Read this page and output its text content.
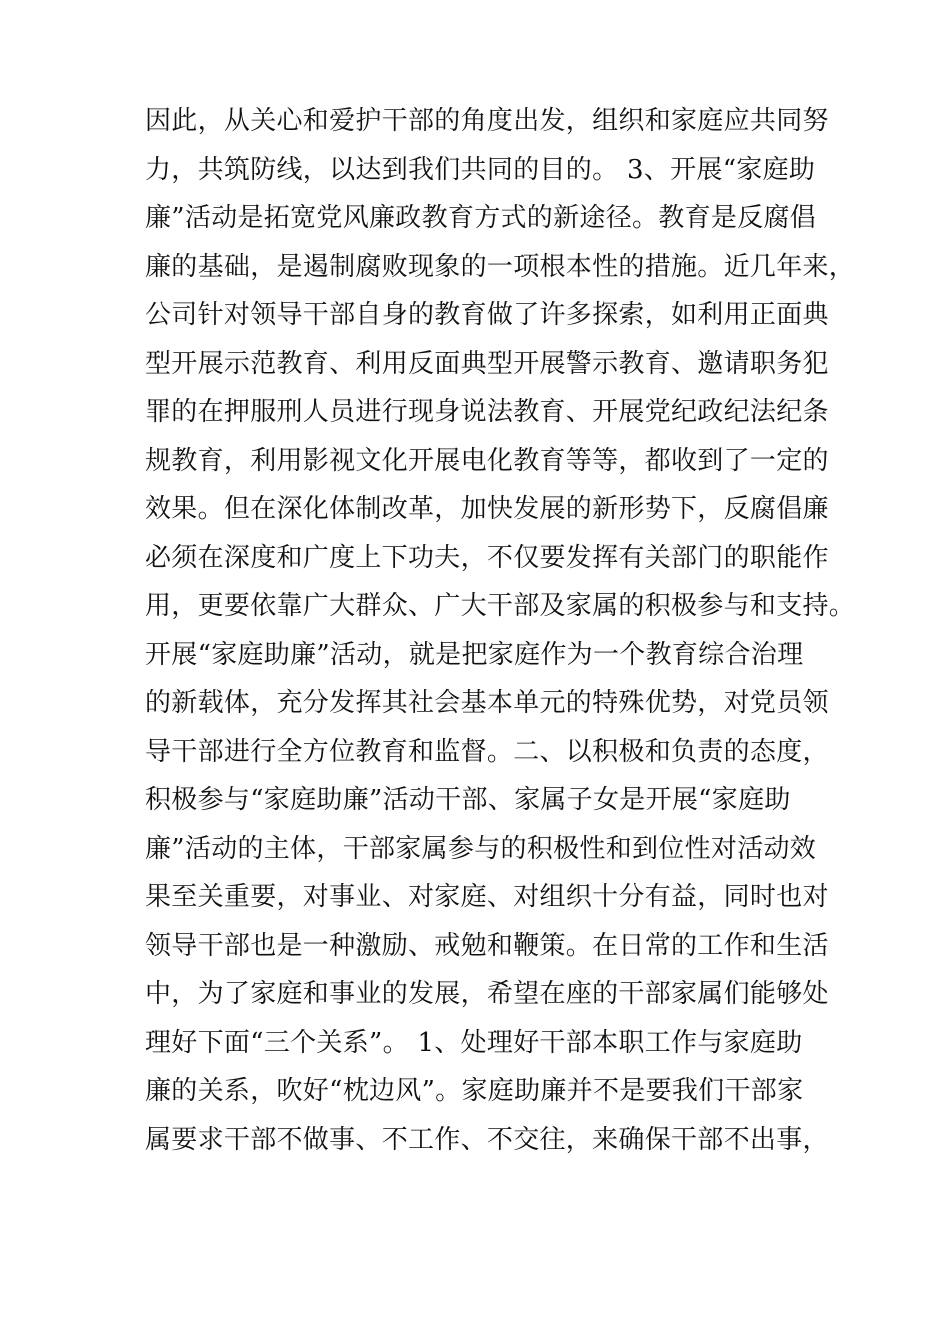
因此，从关心和爱护干部的角度出发，组织和家庭应共同努
力，共筑防线，以达到我们共同的目的。 3、开展“家庭助
廉”活动是拓宽党风廉政教育方式的新途径。教育是反腐倡
廉的基础，是遏制腐败现象的一项根本性的措施。近几年来，
公司针对领导干部自身的教育做了许多探索，如利用正面典
型开展示范教育、利用反面典型开展警示教育、邀请职务犯
罪的在押服刑人员进行现身说法教育、开展党纪政纪法纪条
规教育，利用影视文化开展电化教育等等，都收到了一定的
效果。但在深化体制改革，加快发展的新形势下，反腐倡廉
必须在深度和广度上下功夫，不仅要发挥有关部门的职能作
用，更要依靠广大群众、广大干部及家属的积极参与和支持。
开展“家庭助廉”活动，就是把家庭作为一个教育综合治理
的新载体，充分发挥其社会基本单元的特殊优势，对党员领
导干部进行全方位教育和监督。二、以积极和负责的态度，
积极参与“家庭助廉”活动干部、家属子女是开展“家庭助
廉”活动的主体，干部家属参与的积极性和到位性对活动效
果至关重要，对事业、对家庭、对组织十分有益，同时也对
领导干部也是一种激励、戒勉和鞭策。在日常的工作和生活
中，为了家庭和事业的发展，希望在座的干部家属们能够处
理好下面“三个关系”。 1、处理好干部本职工作与家庭助
廉的关系，吹好“枕边风”。家庭助廉并不是要我们干部家
属要求干部不做事、不工作、不交往，来确保干部不出事，
